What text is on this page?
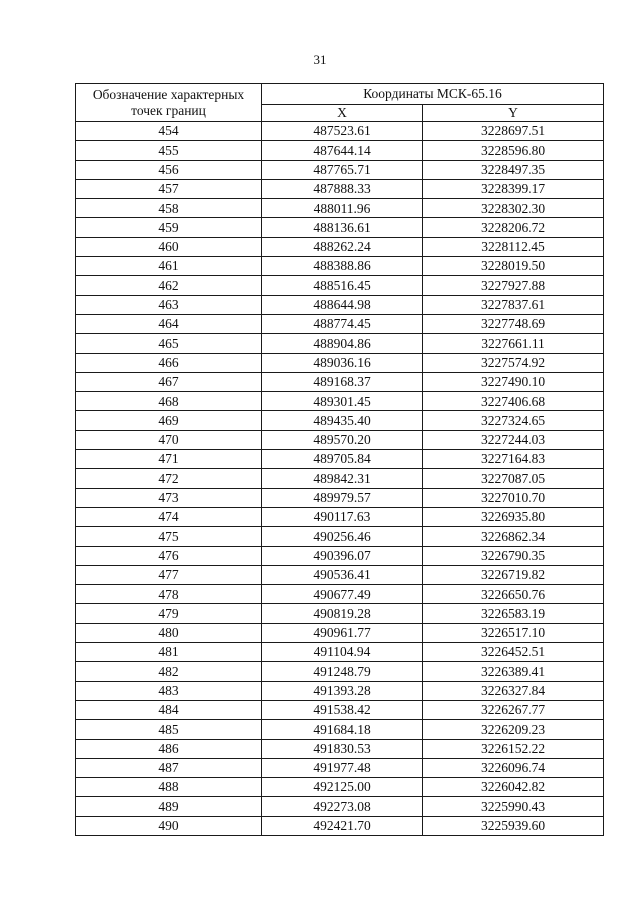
31
Обозначение характерных точек границ	Координаты МСК-65.16	
	X	Y
454	487523.61	3228697.51
455	487644.14	3228596.80
456	487765.71	3228497.35
457	487888.33	3228399.17
458	488011.96	3228302.30
459	488136.61	3228206.72
460	488262.24	3228112.45
461	488388.86	3228019.50
462	488516.45	3227927.88
463	488644.98	3227837.61
464	488774.45	3227748.69
465	488904.86	3227661.11
466	489036.16	3227574.92
467	489168.37	3227490.10
468	489301.45	3227406.68
469	489435.40	3227324.65
470	489570.20	3227244.03
471	489705.84	3227164.83
472	489842.31	3227087.05
473	489979.57	3227010.70
474	490117.63	3226935.80
475	490256.46	3226862.34
476	490396.07	3226790.35
477	490536.41	3226719.82
478	490677.49	3226650.76
479	490819.28	3226583.19
480	490961.77	3226517.10
481	491104.94	3226452.51
482	491248.79	3226389.41
483	491393.28	3226327.84
484	491538.42	3226267.77
485	491684.18	3226209.23
486	491830.53	3226152.22
487	491977.48	3226096.74
488	492125.00	3226042.82
489	492273.08	3225990.43
490	492421.70	3225939.60
